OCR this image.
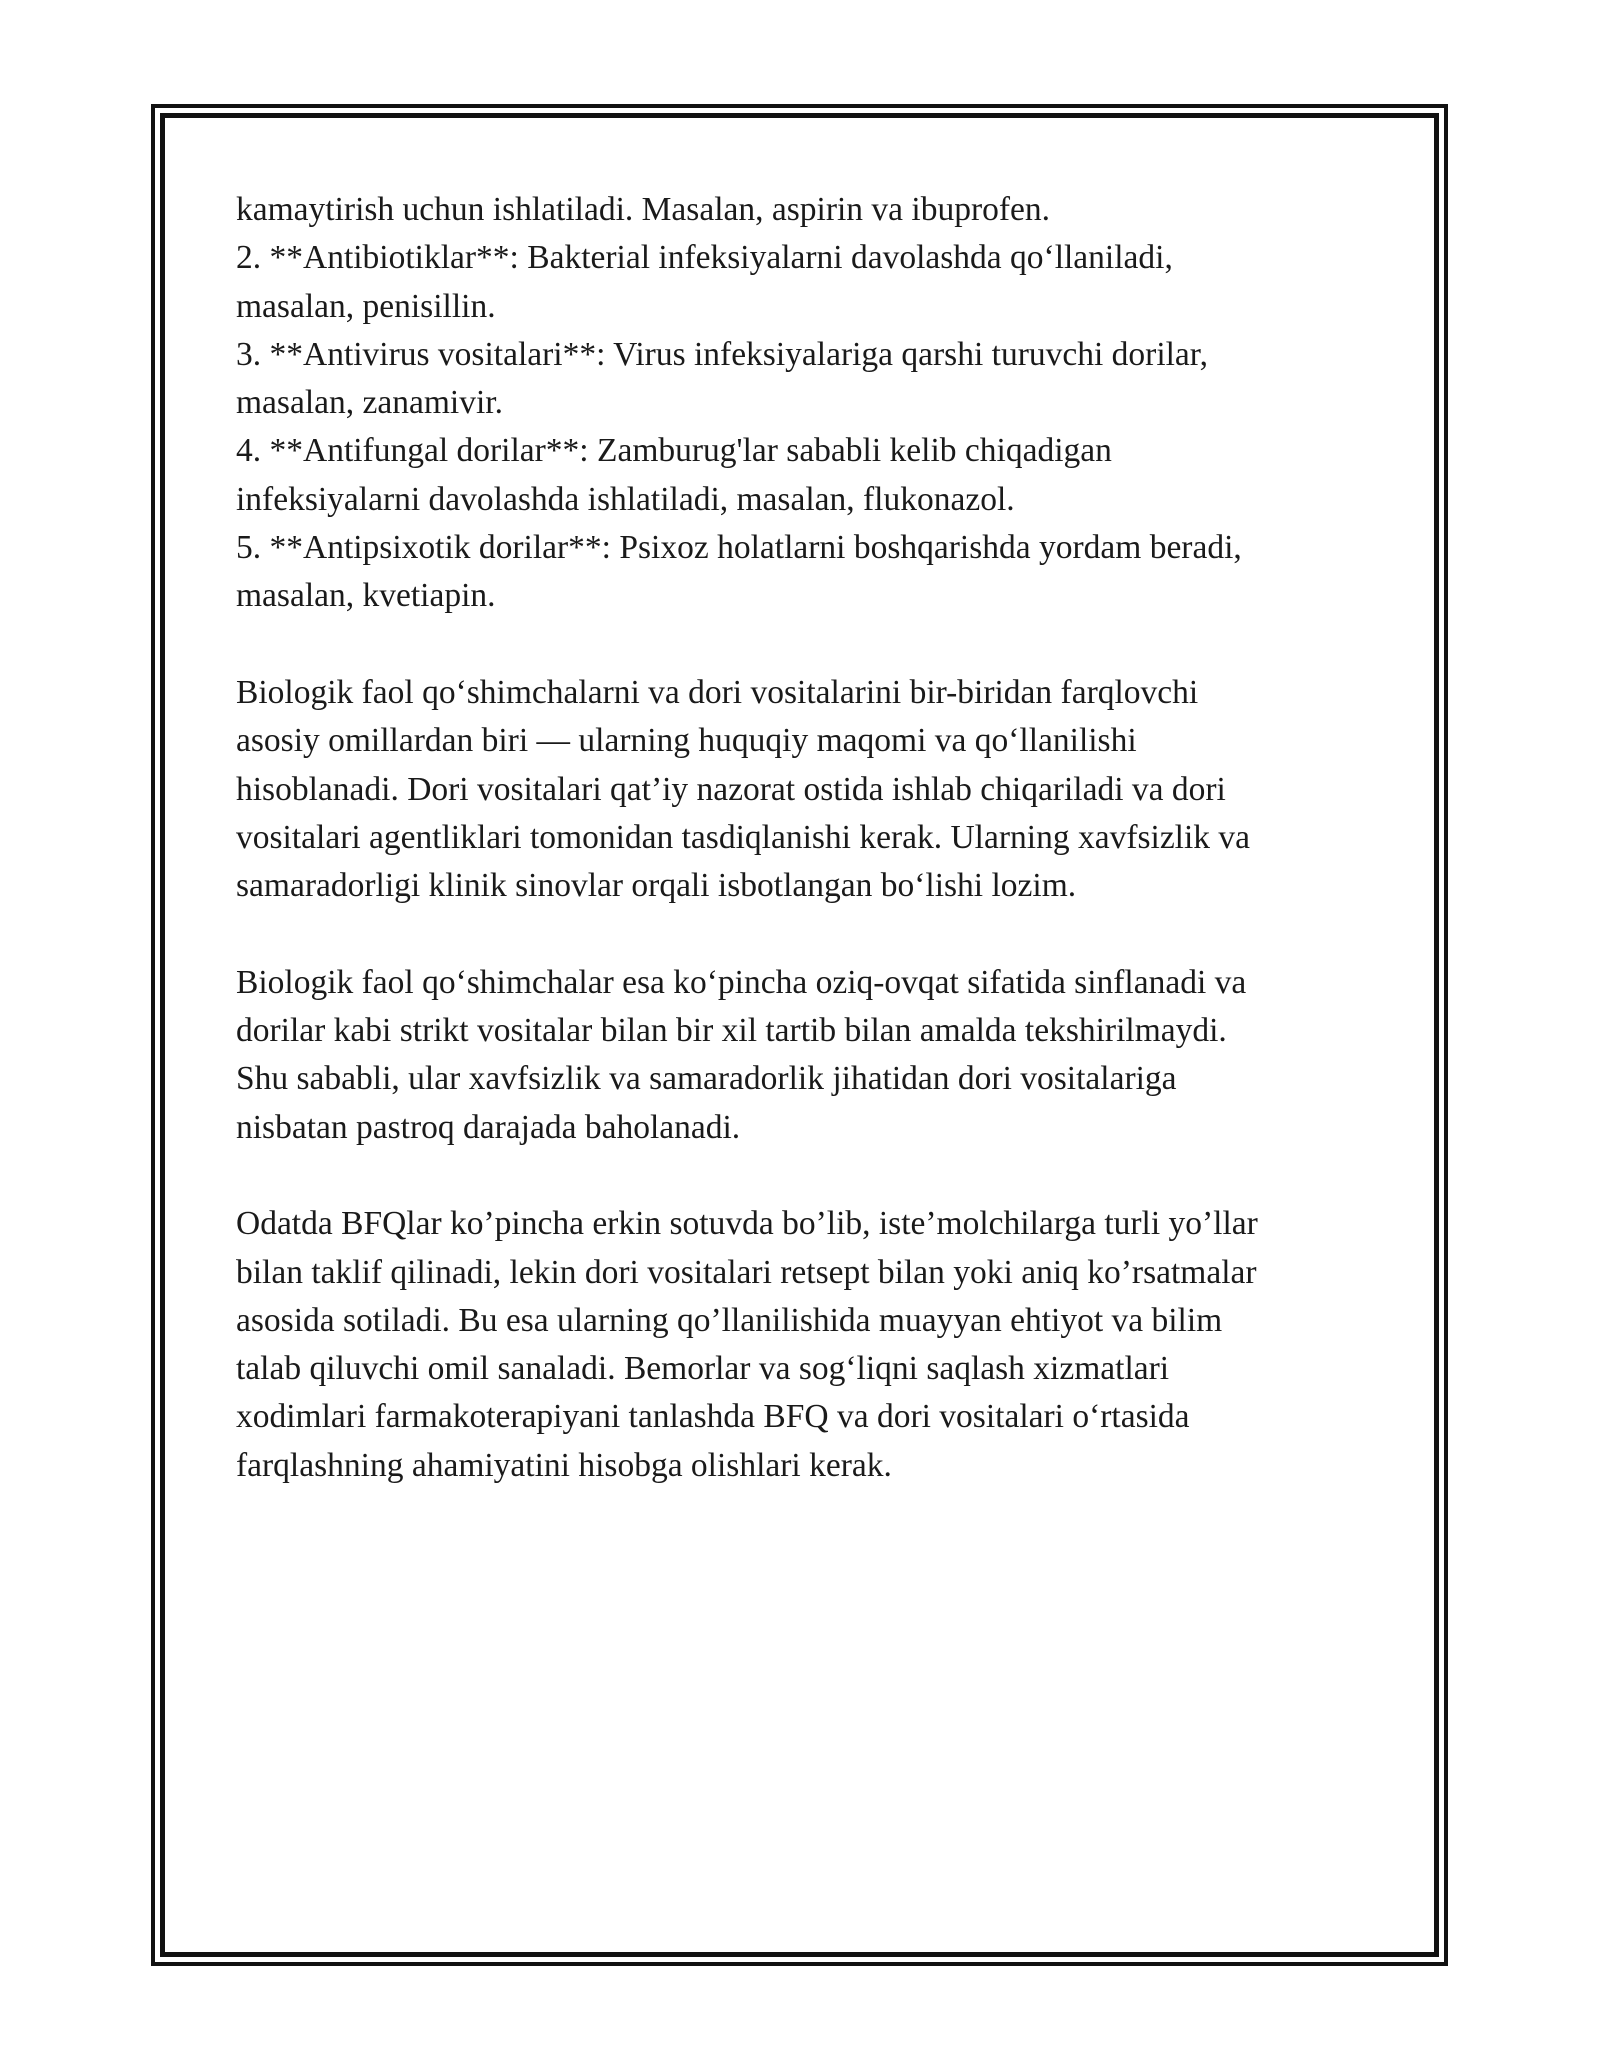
kamaytirish uchun ishlatiladi. Masalan, aspirin va ibuprofen.
2. **Antibiotiklar**: Bakterial infeksiyalarni davolashda qo‘llaniladi,
masalan, penisillin.
3. **Antivirus vositalari**: Virus infeksiyalariga qarshi turuvchi dorilar,
masalan, zanamivir.
4. **Antifungal dorilar**: Zamburug'lar sababli kelib chiqadigan
infeksiyalarni davolashda ishlatiladi, masalan, flukonazol.
5. **Antipsixotik dorilar**: Psixoz holatlarni boshqarishda yordam beradi,
masalan, kvetiapin.
Biologik faol qo‘shimchalarni va dori vositalarini bir-biridan farqlovchi
asosiy omillardan biri — ularning huquqiy maqomi va qo‘llanilishi
hisoblanadi. Dori vositalari qat’iy nazorat ostida ishlab chiqariladi va dori
vositalari agentliklari tomonidan tasdiqlanishi kerak. Ularning xavfsizlik va
samaradorligi klinik sinovlar orqali isbotlangan bo‘lishi lozim.
Biologik faol qo‘shimchalar esa ko‘pincha oziq-ovqat sifatida sinflanadi va
dorilar kabi strikt vositalar bilan bir xil tartib bilan amalda tekshirilmaydi.
Shu sababli, ular xavfsizlik va samaradorlik jihatidan dori vositalariga
nisbatan pastroq darajada baholanadi.
Odatda BFQlar ko’pincha erkin sotuvda bo’lib, iste’molchilarga turli yo’llar
bilan taklif qilinadi, lekin dori vositalari retsept bilan yoki aniq ko’rsatmalar
asosida sotiladi. Bu esa ularning qo’llanilishida muayyan ehtiyot va bilim
talab qiluvchi omil sanaladi. Bemorlar va sog‘liqni saqlash xizmatlari
xodimlari farmakoterapiyani tanlashda BFQ va dori vositalari o‘rtasida
farqlashning ahamiyatini hisobga olishlari kerak.
